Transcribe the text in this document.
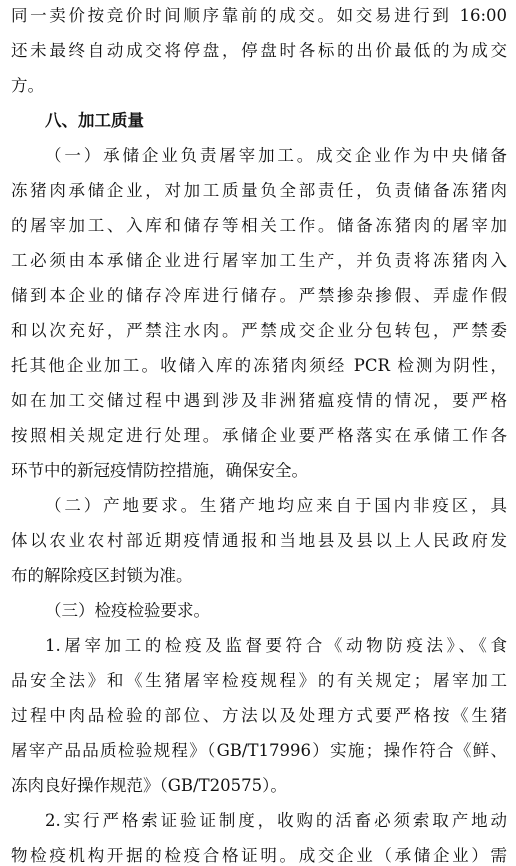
同一卖价按竞价时间顺序靠前的成交。如交易进行到 16:00
还未最终自动成交将停盘，停盘时各标的出价最低的为成交
方。
八、加工质量
（一）承储企业负责屠宰加工。成交企业作为中央储备
冻猪肉承储企业，对加工质量负全部责任，负责储备冻猪肉
的屠宰加工、入库和储存等相关工作。储备冻猪肉的屠宰加
工必须由本承储企业进行屠宰加工生产，并负责将冻猪肉入
储到本企业的储存冷库进行储存。严禁掺杂掺假、弄虚作假
和以次充好，严禁注水肉。严禁成交企业分包转包，严禁委
托其他企业加工。收储入库的冻猪肉须经 PCR 检测为阴性，
如在加工交储过程中遇到涉及非洲猪瘟疫情的情况，要严格
按照相关规定进行处理。承储企业要严格落实在承储工作各
环节中的新冠疫情防控措施，确保安全。
（二）产地要求。生猪产地均应来自于国内非疫区，具
体以农业农村部近期疫情通报和当地县及县以上人民政府发
布的解除疫区封锁为准。
（三）检疫检验要求。
1.屠宰加工的检疫及监督要符合《动物防疫法》、《食
品安全法》和《生猪屠宰检疫规程》的有关规定；屠宰加工
过程中肉品检验的部位、方法以及处理方式要严格按《生猪
屠宰产品品质检验规程》（GB/T17996）实施；操作符合《鲜、
冻肉良好操作规范》（GB/T20575）。
2.实行严格索证验证制度，收购的活畜必须索取产地动
物检疫机构开据的检疫合格证明。成交企业（承储企业）需
